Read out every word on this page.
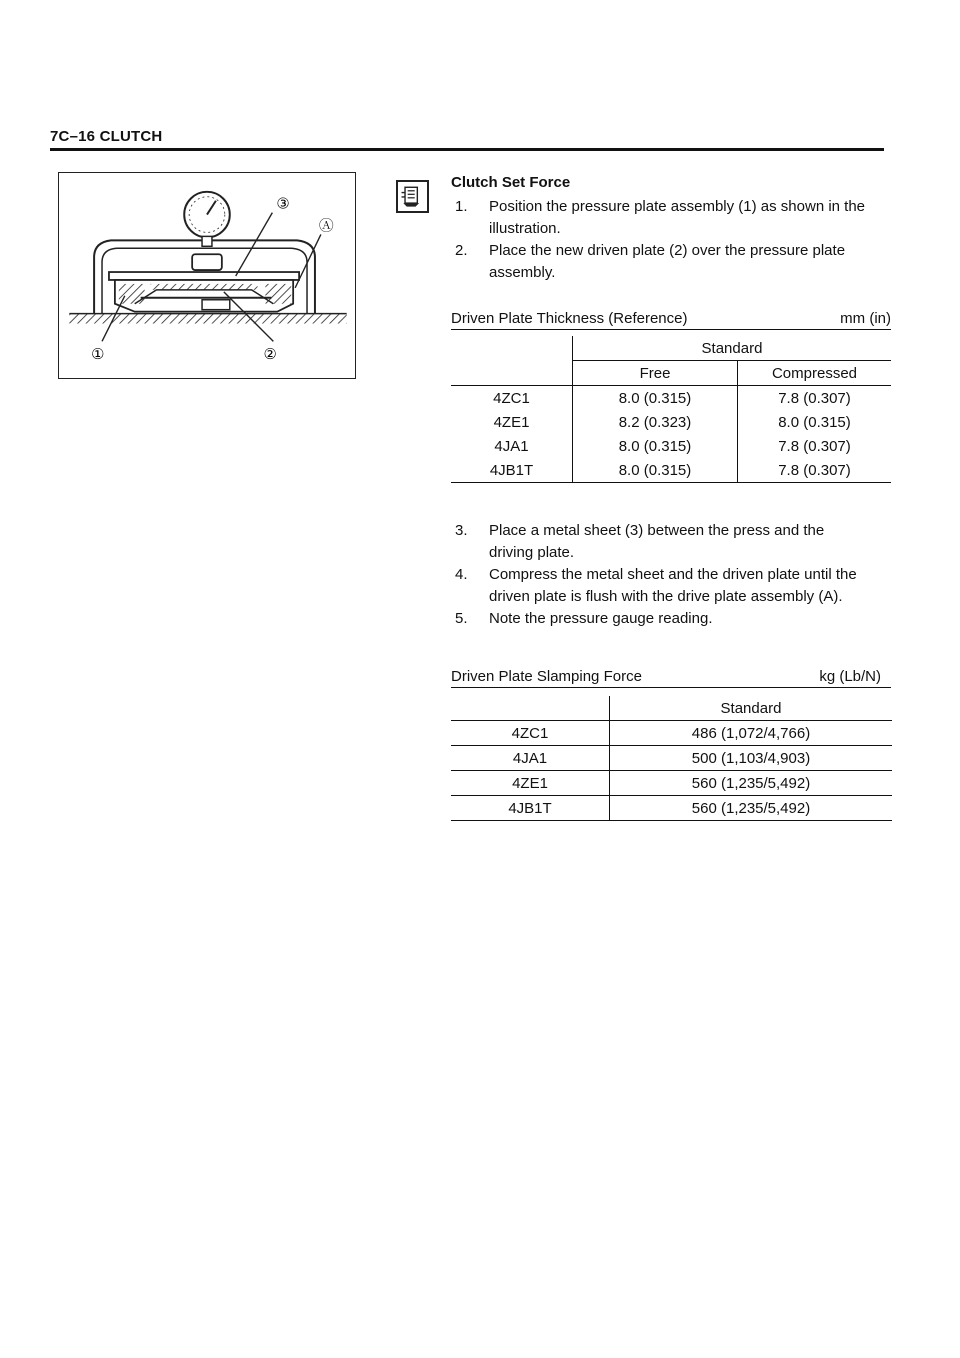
7C–16 CLUTCH
③
Ⓐ
①	②
Clutch Set Force
1. Position the pressure plate assembly (1) as shown in the illustration.
2. Place the new driven plate (2) over the pressure plate assembly.
Driven Plate Thickness (Reference)	mm (in)
	Standard	
	Free	Compressed
4ZC1	8.0 (0.315)	7.8 (0.307)
4ZE1	8.2 (0.323)	8.0 (0.315)
4JA1	8.0 (0.315)	7.8 (0.307)
4JB1T	8.0 (0.315)	7.8 (0.307)
3. Place a metal sheet (3) between the press and the driving plate.
4. Compress the metal sheet and the driven plate until the driven plate is flush with the drive plate assembly (A).
5. Note the pressure gauge reading.
Driven Plate Slamping Force	kg (Lb/N)
	Standard
4ZC1	486 (1,072/4,766)
4JA1	500 (1,103/4,903)
4ZE1	560 (1,235/5,492)
4JB1T	560 (1,235/5,492)
